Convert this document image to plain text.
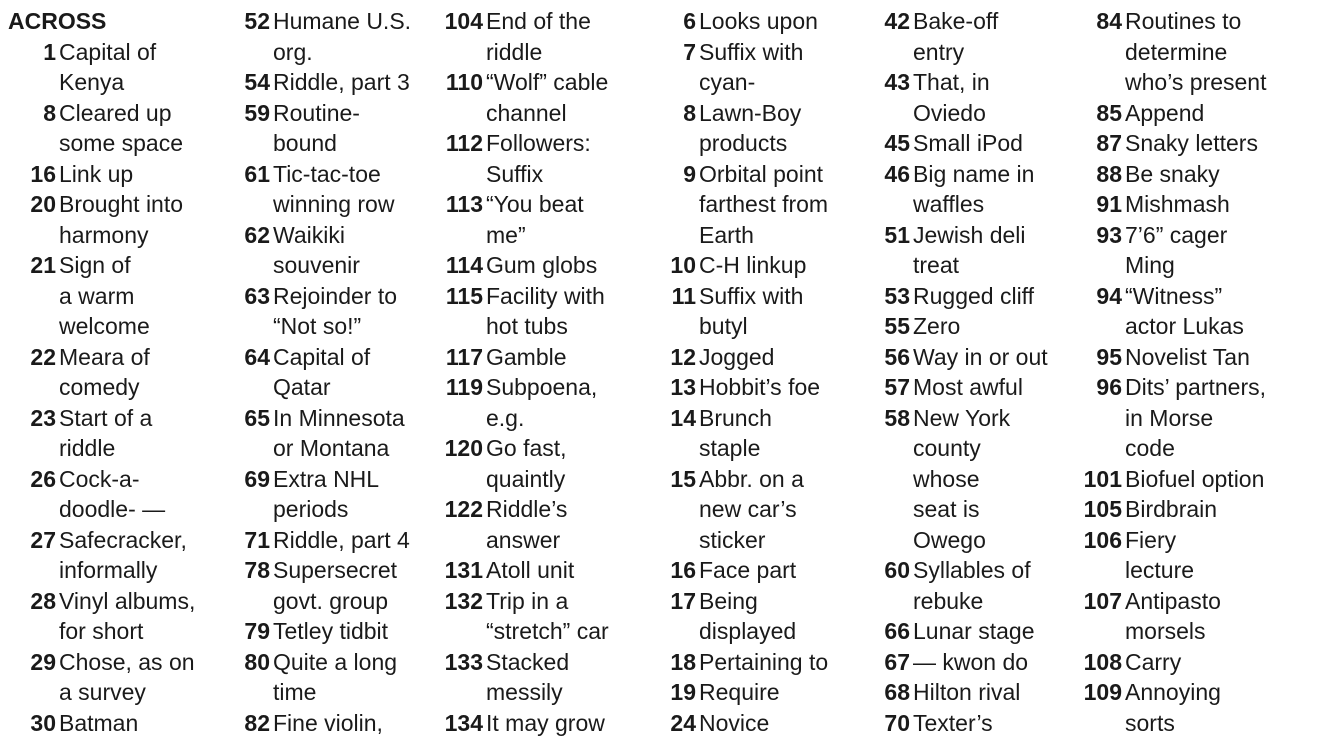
ACROSS
1 Capital of
Kenya
8 Cleared up
some space
16 Link up
20 Brought into
harmony
21 Sign of
a warm
welcome
22 Meara of
comedy
23 Start of a
riddle
26 Cock-a-
doodle- —
27 Safecracker,
informally
28 Vinyl albums,
for short
29 Chose, as on
a survey
30 Batman
52 Humane U.S.
org.
54 Riddle, part 3
59 Routine-
bound
61 Tic-tac-toe
winning row
62 Waikiki
souvenir
63 Rejoinder to
“Not so!”
64 Capital of
Qatar
65 In Minnesota
or Montana
69 Extra NHL
periods
71 Riddle, part 4
78 Supersecret
govt. group
79 Tetley tidbit
80 Quite a long
time
82 Fine violin,
104 End of the
riddle
110 “Wolf” cable
channel
112 Followers:
Suffix
113 “You beat
me”
114 Gum globs
115 Facility with
hot tubs
117 Gamble
119 Subpoena,
e.g.
120 Go fast,
quaintly
122 Riddle’s
answer
131 Atoll unit
132 Trip in a
“stretch” car
133 Stacked
messily
134 It may grow
6 Looks upon
7 Suffix with
cyan-
8 Lawn-Boy
products
9 Orbital point
farthest from
Earth
10 C-H linkup
11 Suffix with
butyl
12 Jogged
13 Hobbit’s foe
14 Brunch
staple
15 Abbr. on a
new car’s
sticker
16 Face part
17 Being
displayed
18 Pertaining to
19 Require
24 Novice
42 Bake-off
entry
43 That, in
Oviedo
45 Small iPod
46 Big name in
waffles
51 Jewish deli
treat
53 Rugged cliff
55 Zero
56 Way in or out
57 Most awful
58 New York
county
whose
seat is
Owego
60 Syllables of
rebuke
66 Lunar stage
67 — kwon do
68 Hilton rival
70 Texter’s
84 Routines to
determine
who’s present
85 Append
87 Snaky letters
88 Be snaky
91 Mishmash
93 7’6” cager
Ming
94 “Witness”
actor Lukas
95 Novelist Tan
96 Dits’ partners,
in Morse
code
101 Biofuel option
105 Birdbrain
106 Fiery
lecture
107 Antipasto
morsels
108 Carry
109 Annoying
sorts
